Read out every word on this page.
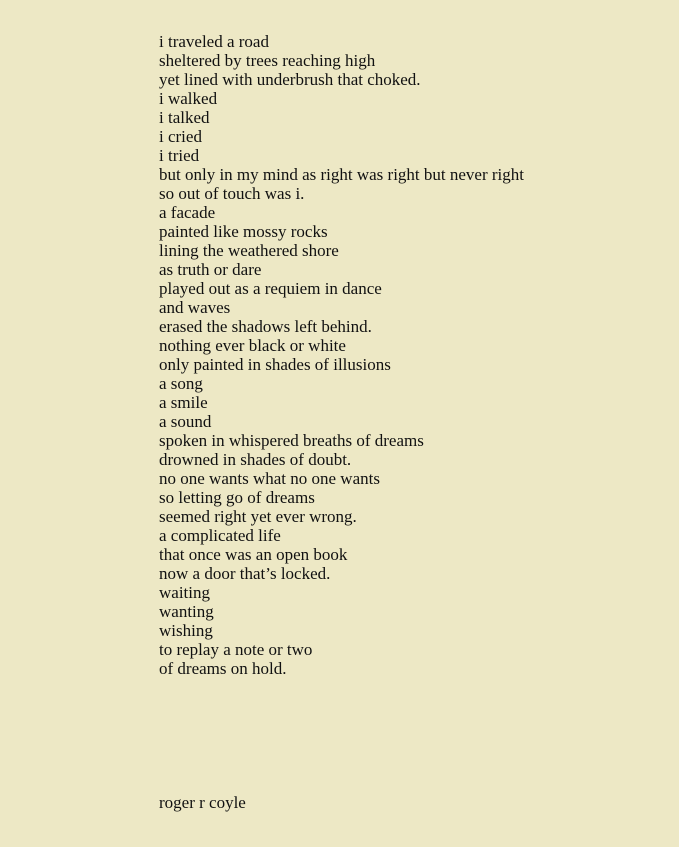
i traveled a road
sheltered by trees reaching high
yet lined with underbrush that choked.
i walked
i talked
i cried
i tried
but only in my mind as right was right but never right
so out of touch was i.
a facade
painted like mossy rocks
lining the weathered shore
as truth or dare
played out as a requiem in dance
and waves
erased the shadows left behind.
nothing ever black or white
only painted in shades of illusions
a song
a smile
a sound
spoken in whispered breaths of dreams
drowned in shades of doubt.
no one wants what no one wants
so letting go of dreams
seemed right yet ever wrong.
a complicated life
that once was an open book
now a door that’s locked.
waiting
wanting
wishing
to replay a note or two
of dreams on hold.
roger r coyle
